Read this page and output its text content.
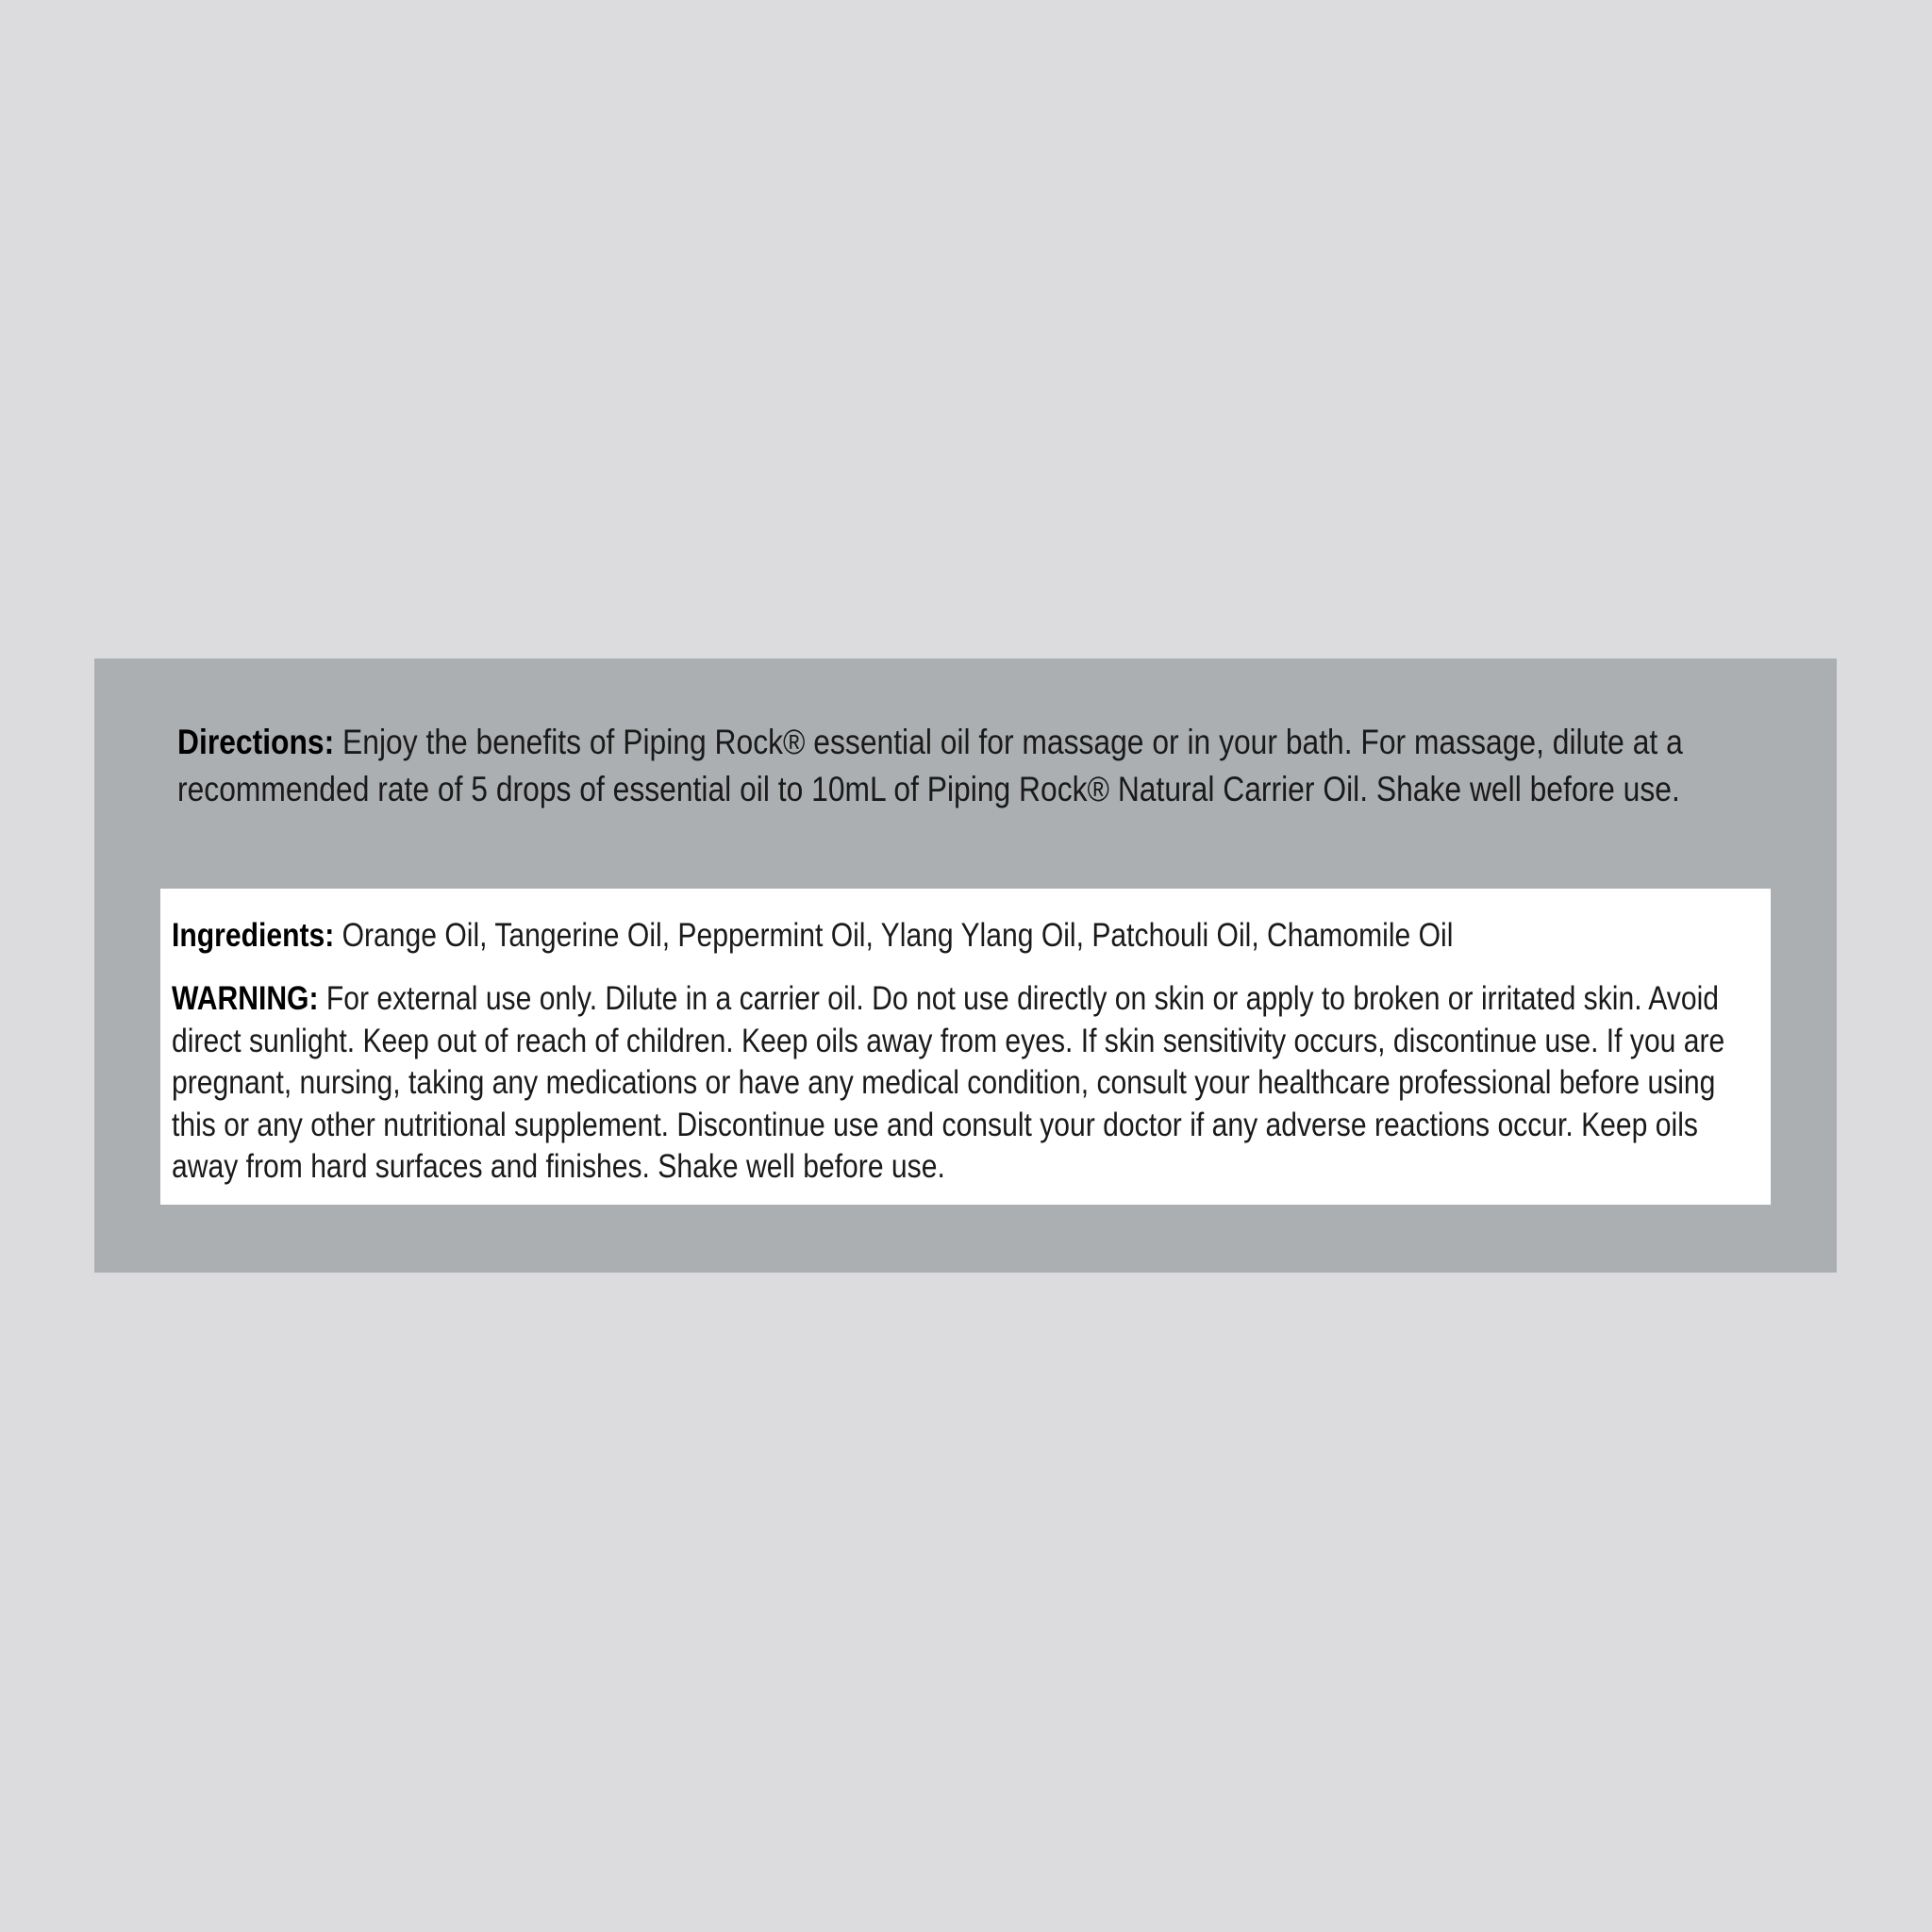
Directions: Enjoy the benefits of Piping Rock® essential oil for massage or in your bath. For massage, dilute at a recommended rate of 5 drops of essential oil to 10mL of Piping Rock® Natural Carrier Oil. Shake well before use.

Ingredients: Orange Oil, Tangerine Oil, Peppermint Oil, Ylang Ylang Oil, Patchouli Oil, Chamomile Oil

WARNING: For external use only. Dilute in a carrier oil. Do not use directly on skin or apply to broken or irritated skin. Avoid direct sunlight. Keep out of reach of children. Keep oils away from eyes. If skin sensitivity occurs, discontinue use. If you are pregnant, nursing, taking any medications or have any medical condition, consult your healthcare professional before using this or any other nutritional supplement. Discontinue use and consult your doctor if any adverse reactions occur. Keep oils away from hard surfaces and finishes. Shake well before use.
